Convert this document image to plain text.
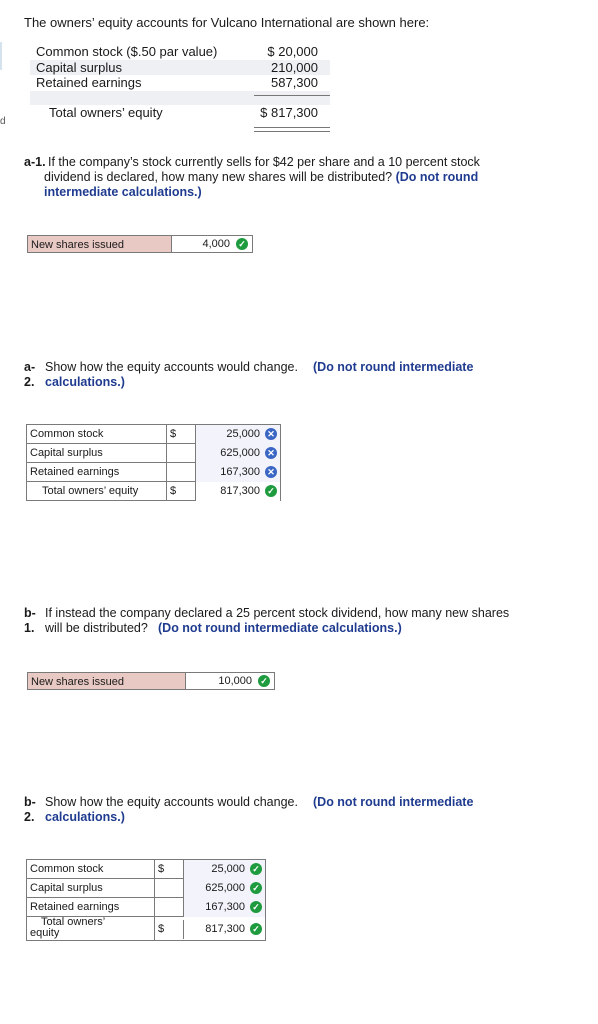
d
The owners’ equity accounts for Vulcano International are shown here:
Common stock ($.50 par value)	$ 20,000
Capital surplus	210,000
Retained earnings	587,300
Total owners’ equity	$ 817,300
a-1. If the company’s stock currently sells for $42 per share and a 10 percent stock dividend is declared, how many new shares will be distributed? (Do not round intermediate calculations.)
New shares issued	4,000 ✓
a-
2.
Show how the equity accounts would change. (Do not round intermediate
calculations.)
Common stock	$	25,000 ✕
Capital surplus	625,000 ✕
Retained earnings	167,300 ✕
Total owners’ equity	$	817,300 ✓
b-
1.
If instead the company declared a 25 percent stock dividend, how many new shares
will be distributed? (Do not round intermediate calculations.)
New shares issued	10,000 ✓
b-
2.
Show how the equity accounts would change. (Do not round intermediate
calculations.)
Common stock	$	25,000 ✓
Capital surplus	625,000 ✓
Retained earnings	167,300 ✓
Total owners’
equity	$	817,300 ✓
